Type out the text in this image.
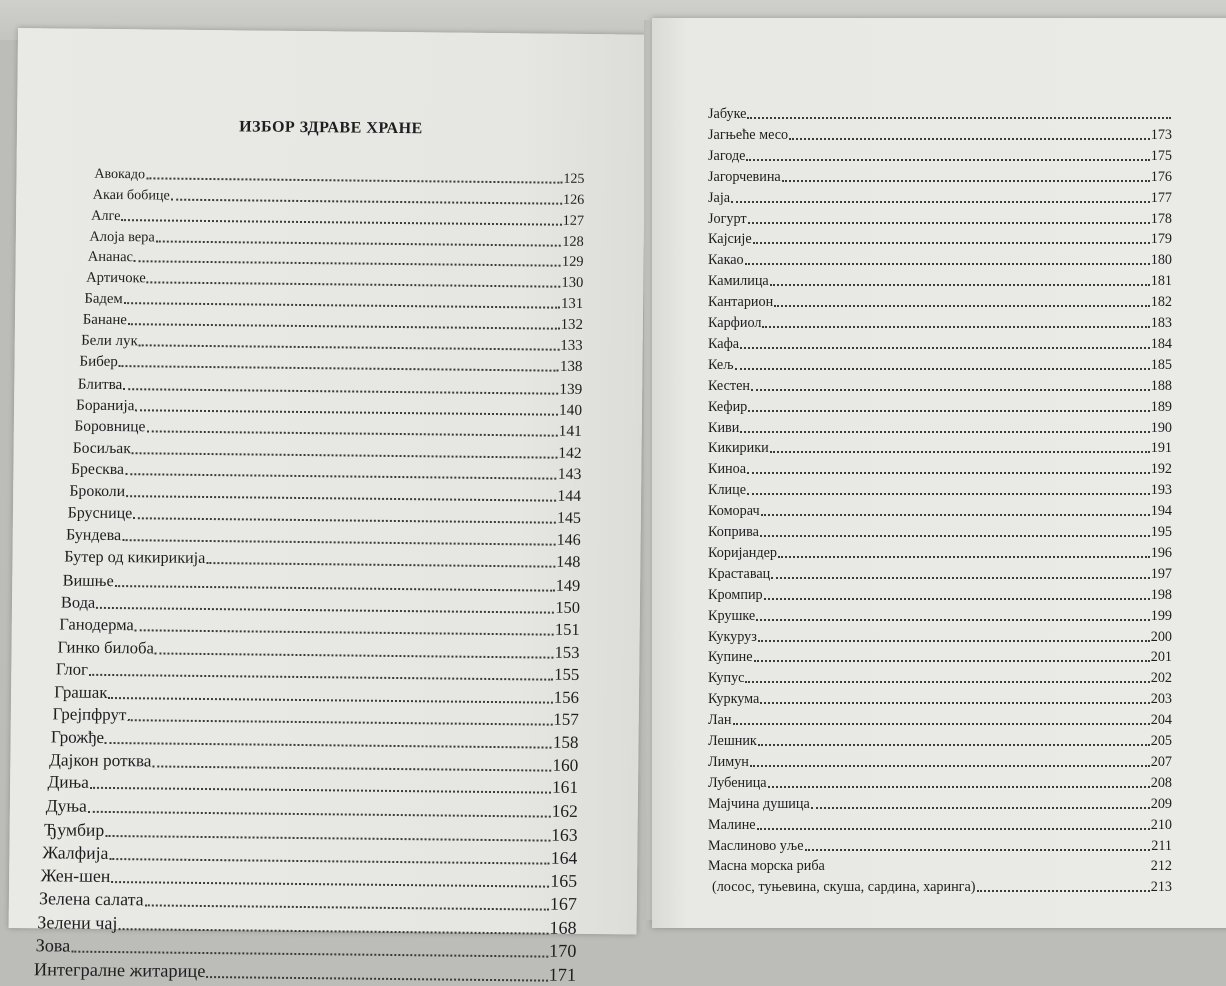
ИЗБОР ЗДРАВЕ ХРАНЕ
Авокадо	125
Акаи бобице	126
Алге	127
Алоја вера	128
Ананас	129
Артичоке	130
Бадем	131
Банане	132
Бели лук	133
Бибер	138
Блитва	139
Боранија	140
Боровнице	141
Босиљак	142
Бресква	143
Броколи	144
Бруснице	145
Бундева	146
Бутер од кикирикија	148
Вишње	149
Вода	150
Ганодерма	151
Гинко билоба	153
Глог	155
Грашак	156
Грејпфрут	157
Грожђе	158
Дајкон ротква	160
Диња	161
Дуња	162
Ђумбир	163
Жалфија	164
Жен-шен	165
Зелена салата	167
Зелени чај	168
Зова	170
Интегралне житарице	171
Јабуке
Јагњеће месо	173
Јагоде	175
Јагорчевина	176
Јаја	177
Јогурт	178
Кајсије	179
Какао	180
Камилица	181
Кантарион	182
Карфиол	183
Кафа	184
Кељ	185
Кестен	188
Кефир	189
Киви	190
Кикирики	191
Киноа	192
Клице	193
Коморач	194
Коприва	195
Коријандер	196
Краставац	197
Кромпир	198
Крушке	199
Кукуруз	200
Купине	201
Купус	202
Куркума	203
Лан	204
Лешник	205
Лимун	207
Лубеница	208
Мајчина душица	209
Малине	210
Маслиново уље	211
Масна морска риба	212
(лосос, туњевина, скуша, сардина, харинга)	213
